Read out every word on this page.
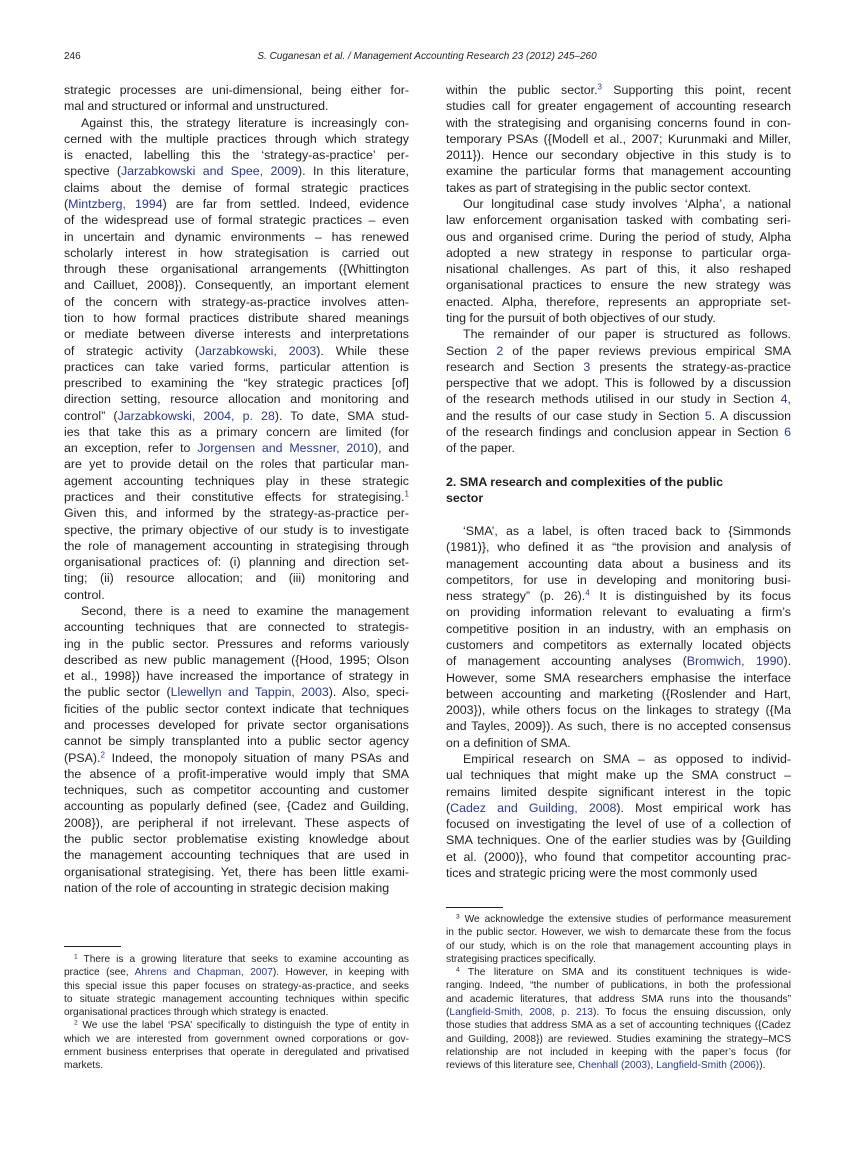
246	S. Cuganesan et al. / Management Accounting Research 23 (2012) 245–260
strategic processes are uni-dimensional, being either for-
mal and structured or informal and unstructured.
Against this, the strategy literature is increasingly con-
cerned with the multiple practices through which strategy
is enacted, labelling this the ‘strategy-as-practice’ per-
spective (Jarzabkowski and Spee, 2009). In this literature,
claims about the demise of formal strategic practices
(Mintzberg, 1994) are far from settled. Indeed, evidence
of the widespread use of formal strategic practices – even
in uncertain and dynamic environments – has renewed
scholarly interest in how strategisation is carried out
through these organisational arrangements ({Whittington
and Cailluet, 2008}). Consequently, an important element
of the concern with strategy-as-practice involves atten-
tion to how formal practices distribute shared meanings
or mediate between diverse interests and interpretations
of strategic activity (Jarzabkowski, 2003). While these
practices can take varied forms, particular attention is
prescribed to examining the “key strategic practices [of]
direction setting, resource allocation and monitoring and
control” (Jarzabkowski, 2004, p. 28). To date, SMA stud-
ies that take this as a primary concern are limited (for
an exception, refer to Jorgensen and Messner, 2010), and
are yet to provide detail on the roles that particular man-
agement accounting techniques play in these strategic
practices and their constitutive effects for strategising.$^1$
Given this, and informed by the strategy-as-practice per-
spective, the primary objective of our study is to investigate
the role of management accounting in strategising through
organisational practices of: (i) planning and direction set-
ting; (ii) resource allocation; and (iii) monitoring and
control.
Second, there is a need to examine the management
accounting techniques that are connected to strategis-
ing in the public sector. Pressures and reforms variously
described as new public management ({Hood, 1995; Olson
et al., 1998}) have increased the importance of strategy in
the public sector (Llewellyn and Tappin, 2003). Also, speci-
ficities of the public sector context indicate that techniques
and processes developed for private sector organisations
cannot be simply transplanted into a public sector agency
(PSA).$^2$ Indeed, the monopoly situation of many PSAs and
the absence of a profit-imperative would imply that SMA
techniques, such as competitor accounting and customer
accounting as popularly defined (see, {Cadez and Guilding,
2008}), are peripheral if not irrelevant. These aspects of
the public sector problematise existing knowledge about
the management accounting techniques that are used in
organisational strategising. Yet, there has been little exami-
nation of the role of accounting in strategic decision making
within the public sector.$^3$ Supporting this point, recent
studies call for greater engagement of accounting research
with the strategising and organising concerns found in con-
temporary PSAs ({Modell et al., 2007; Kurunmaki and Miller,
2011}). Hence our secondary objective in this study is to
examine the particular forms that management accounting
takes as part of strategising in the public sector context.
Our longitudinal case study involves ‘Alpha’, a national
law enforcement organisation tasked with combating seri-
ous and organised crime. During the period of study, Alpha
adopted a new strategy in response to particular orga-
nisational challenges. As part of this, it also reshaped
organisational practices to ensure the new strategy was
enacted. Alpha, therefore, represents an appropriate set-
ting for the pursuit of both objectives of our study.
The remainder of our paper is structured as follows.
Section 2 of the paper reviews previous empirical SMA
research and Section 3 presents the strategy-as-practice
perspective that we adopt. This is followed by a discussion
of the research methods utilised in our study in Section 4,
and the results of our case study in Section 5. A discussion
of the research findings and conclusion appear in Section 6
of the paper.
2. SMA research and complexities of the public
sector
‘SMA’, as a label, is often traced back to {Simmonds
(1981)}, who defined it as “the provision and analysis of
management accounting data about a business and its
competitors, for use in developing and monitoring busi-
ness strategy” (p. 26).$^4$ It is distinguished by its focus
on providing information relevant to evaluating a firm’s
competitive position in an industry, with an emphasis on
customers and competitors as externally located objects
of management accounting analyses (Bromwich, 1990).
However, some SMA researchers emphasise the interface
between accounting and marketing ({Roslender and Hart,
2003}), while others focus on the linkages to strategy ({Ma
and Tayles, 2009}). As such, there is no accepted consensus
on a definition of SMA.
Empirical research on SMA – as opposed to individ-
ual techniques that might make up the SMA construct –
remains limited despite significant interest in the topic
(Cadez and Guilding, 2008). Most empirical work has
focused on investigating the level of use of a collection of
SMA techniques. One of the earlier studies was by {Guilding
et al. (2000)}, who found that competitor accounting prac-
tices and strategic pricing were the most commonly used
$^1$ There is a growing literature that seeks to examine accounting as
practice (see, Ahrens and Chapman, 2007). However, in keeping with
this special issue this paper focuses on strategy-as-practice, and seeks
to situate strategic management accounting techniques within specific
organisational practices through which strategy is enacted.
$^2$ We use the label ‘PSA’ specifically to distinguish the type of entity in
which we are interested from government owned corporations or gov-
ernment business enterprises that operate in deregulated and privatised
markets.
$^3$ We acknowledge the extensive studies of performance measurement
in the public sector. However, we wish to demarcate these from the focus
of our study, which is on the role that management accounting plays in
strategising practices specifically.
$^4$ The literature on SMA and its constituent techniques is wide-
ranging. Indeed, “the number of publications, in both the professional
and academic literatures, that address SMA runs into the thousands”
(Langfield-Smith, 2008, p. 213). To focus the ensuing discussion, only
those studies that address SMA as a set of accounting techniques ({Cadez
and Guilding, 2008}) are reviewed. Studies examining the strategy–MCS
relationship are not included in keeping with the paper’s focus (for
reviews of this literature see, Chenhall (2003), Langfield-Smith (2006)).
